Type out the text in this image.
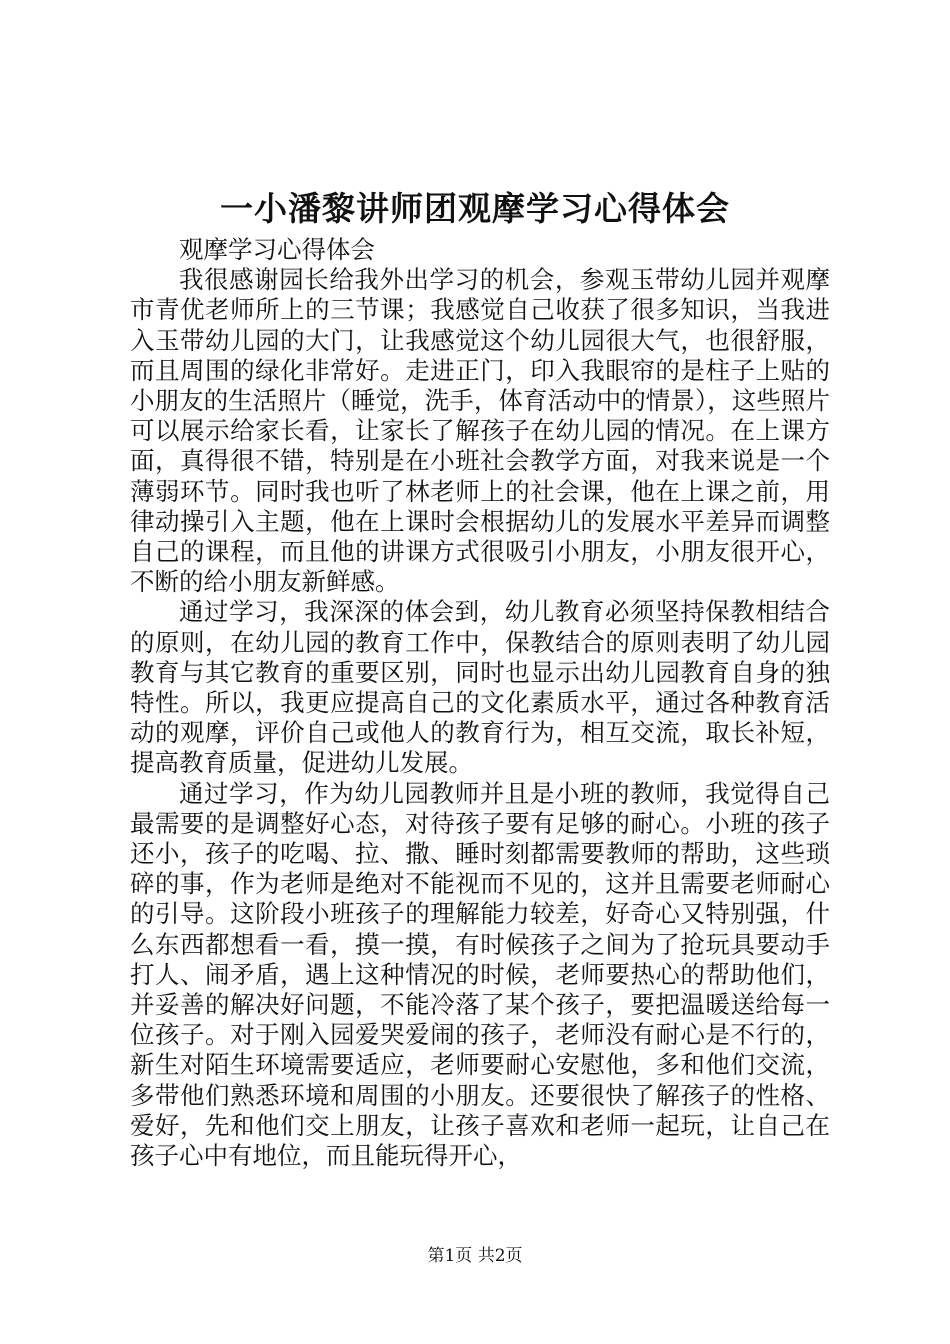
一小潘黎讲师团观摩学习心得体会
观摩学习心得体会

我很感谢园长给我外出学习的机会，参观玉带幼儿园并观摩市青优老师所上的三节课；我感觉自己收获了很多知识，当我进入玉带幼儿园的大门，让我感觉这个幼儿园很大气，也很舒服，而且周围的绿化非常好。走进正门，印入我眼帘的是柱子上贴的小朋友的生活照片（睡觉，洗手，体育活动中的情景），这些照片可以展示给家长看，让家长了解孩子在幼儿园的情况。在上课方面，真得很不错，特别是在小班社会教学方面，对我来说是一个薄弱环节。同时我也听了林老师上的社会课，他在上课之前，用律动操引入主题，他在上课时会根据幼儿的发展水平差异而调整自己的课程，而且他的讲课方式很吸引小朋友，小朋友很开心，不断的给小朋友新鲜感。

通过学习，我深深的体会到，幼儿教育必须坚持保教相结合的原则，在幼儿园的教育工作中，保教结合的原则表明了幼儿园教育与其它教育的重要区别，同时也显示出幼儿园教育自身的独特性。所以，我更应提高自己的文化素质水平，通过各种教育活动的观摩，评价自己或他人的教育行为，相互交流，取长补短，提高教育质量，促进幼儿发展。

通过学习，作为幼儿园教师并且是小班的教师，我觉得自己最需要的是调整好心态，对待孩子要有足够的耐心。小班的孩子还小，孩子的吃喝、拉、撒、睡时刻都需要教师的帮助，这些琐碎的事，作为老师是绝对不能视而不见的，这并且需要老师耐心的引导。这阶段小班孩子的理解能力较差，好奇心又特别强，什么东西都想看一看，摸一摸，有时候孩子之间为了抢玩具要动手打人、闹矛盾，遇上这种情况的时候，老师要热心的帮助他们，并妥善的解决好问题，不能冷落了某个孩子，要把温暖送给每一位孩子。对于刚入园爱哭爱闹的孩子，老师没有耐心是不行的，新生对陌生环境需要适应，老师要耐心安慰他，多和他们交流，多带他们熟悉环境和周围的小朋友。还要很快了解孩子的性格、爱好，先和他们交上朋友，让孩子喜欢和老师一起玩，让自己在孩子心中有地位，而且能玩得开心，

第1页 共2页
